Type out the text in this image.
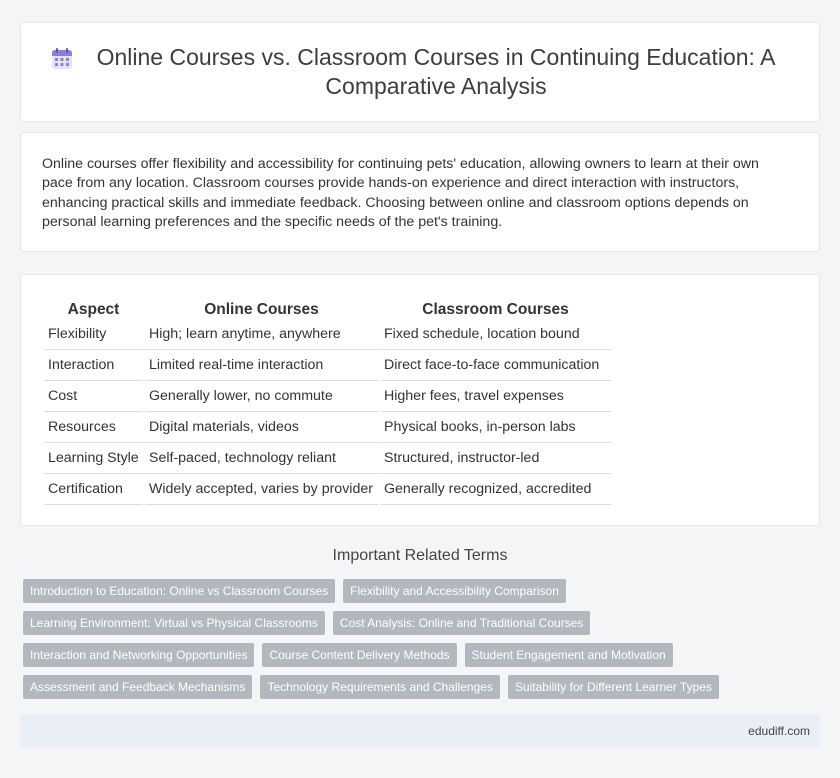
Online Courses vs. Classroom Courses in Continuing Education: A Comparative Analysis

Online courses offer flexibility and accessibility for continuing pets' education, allowing owners to learn at their own pace from any location. Classroom courses provide hands-on experience and direct interaction with instructors, enhancing practical skills and immediate feedback. Choosing between online and classroom options depends on personal learning preferences and the specific needs of the pet's training.

Aspect	Online Courses	Classroom Courses
Flexibility	High; learn anytime, anywhere	Fixed schedule, location bound
Interaction	Limited real-time interaction	Direct face-to-face communication
Cost	Generally lower, no commute	Higher fees, travel expenses
Resources	Digital materials, videos	Physical books, in-person labs
Learning Style	Self-paced, technology reliant	Structured, instructor-led
Certification	Widely accepted, varies by provider	Generally recognized, accredited
Important Related Terms
Introduction to Education: Online vs Classroom Courses	Flexibility and Accessibility Comparison
Learning Environment: Virtual vs Physical Classrooms	Cost Analysis: Online and Traditional Courses
Interaction and Networking Opportunities	Course Content Delivery Methods	Student Engagement and Motivation
Assessment and Feedback Mechanisms	Technology Requirements and Challenges	Suitability for Different Learner Types
edudiff.com
